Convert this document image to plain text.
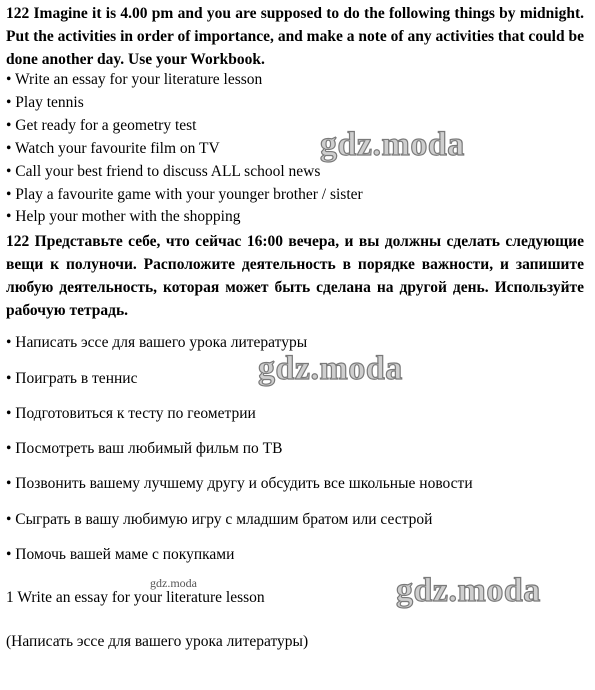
122 Imagine it is 4.00 pm and you are supposed to do the following things by midnight. Put the activities in order of importance, and make a note of any activities that could be done another day. Use your Workbook.

• Write an essay for your literature lesson

• Play tennis

• Get ready for a geometry test

• Watch your favourite film on TV

• Call your best friend to discuss ALL school news

• Play a favourite game with your younger brother / sister

• Help your mother with the shopping

122 Представьте себе, что сейчас 16:00 вечера, и вы должны сделать следующие вещи к полуночи. Расположите деятельность в порядке важности, и запишите любую деятельность, которая может быть сделана на другой день. Используйте рабочую тетрадь.

• Написать эссе для вашего урока литературы

• Поиграть в теннис

• Подготовиться к тесту по геометрии

• Посмотреть ваш любимый фильм по ТВ

• Позвонить вашему лучшему другу и обсудить все школьные новости

• Сыграть в вашу любимую игру с младшим братом или сестрой

• Помочь вашей маме с покупками

1 Write an essay for your literature lesson

(Написать эссе для вашего урока литературы)

gdz.moda
gdz.moda
gdz.moda
gdz.moda
